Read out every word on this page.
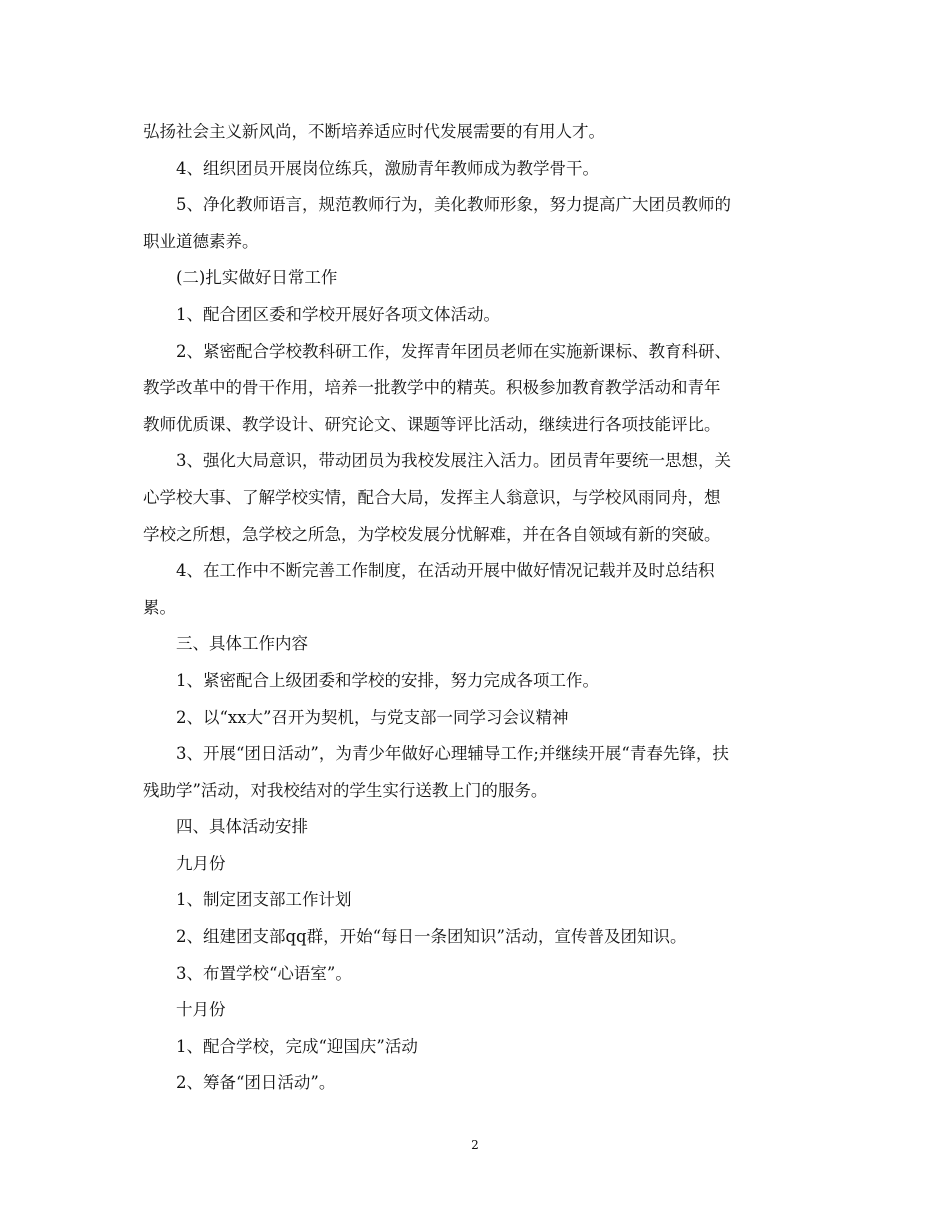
弘扬社会主义新风尚，不断培养适应时代发展需要的有用人才。
4、组织团员开展岗位练兵，激励青年教师成为教学骨干。
5、净化教师语言，规范教师行为，美化教师形象，努力提高广大团员教师的
职业道德素养。
(二)扎实做好日常工作
1、配合团区委和学校开展好各项文体活动。
2、紧密配合学校教科研工作，发挥青年团员老师在实施新课标、教育科研、
教学改革中的骨干作用，培养一批教学中的精英。积极参加教育教学活动和青年
教师优质课、教学设计、研究论文、课题等评比活动，继续进行各项技能评比。
3、强化大局意识，带动团员为我校发展注入活力。团员青年要统一思想，关
心学校大事、了解学校实情，配合大局，发挥主人翁意识，与学校风雨同舟，想
学校之所想，急学校之所急，为学校发展分忧解难，并在各自领域有新的突破。
4、在工作中不断完善工作制度，在活动开展中做好情况记载并及时总结积
累。
三、具体工作内容
1、紧密配合上级团委和学校的安排，努力完成各项工作。
2、以“xx大”召开为契机，与党支部一同学习会议精神
3、开展“团日活动”，为青少年做好心理辅导工作;并继续开展“青春先锋，扶
残助学”活动，对我校结对的学生实行送教上门的服务。
四、具体活动安排
九月份
1、制定团支部工作计划
2、组建团支部qq群，开始“每日一条团知识”活动，宣传普及团知识。
3、布置学校“心语室”。
十月份
1、配合学校，完成“迎国庆”活动
2、筹备“团日活动”。
2
